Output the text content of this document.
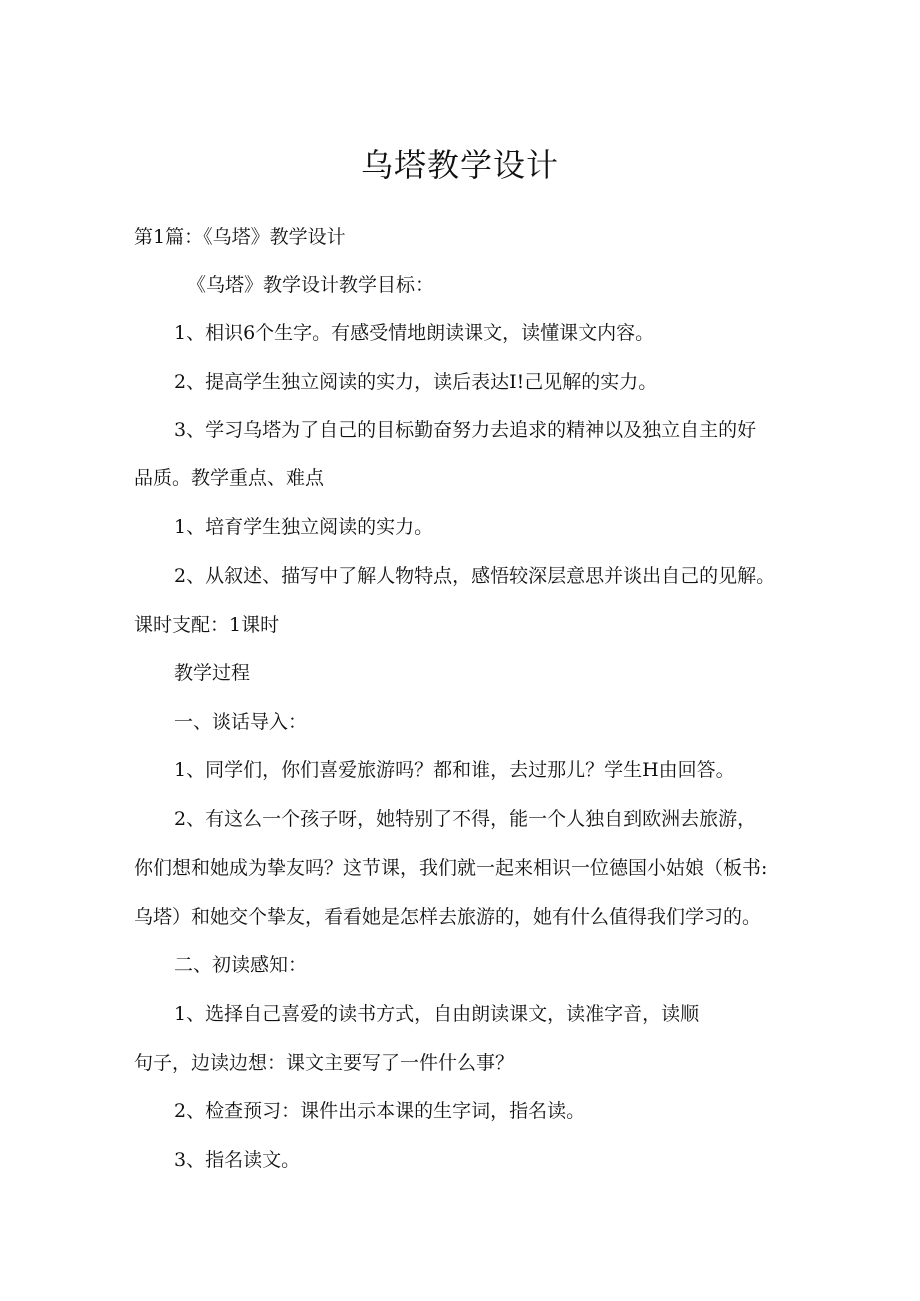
乌塔教学设计
第1篇：《乌塔》教学设计
《乌塔》教学设计教学目标：
1、相识6个生字。有感受情地朗读课文，读懂课文内容。
2、提高学生独立阅读的实力，读后表达I!己见解的实力。
3、学习乌塔为了自己的目标勤奋努力去追求的精神以及独立自主的好
品质。教学重点、难点
1、培育学生独立阅读的实力。
2、从叙述、描写中了解人物特点，感悟较深层意思并谈出自己的见解。
课时支配：1课时
教学过程
一、谈话导入：
1、同学们，你们喜爱旅游吗？都和谁，去过那儿？学生H由回答。
2、有这么一个孩子呀，她特别了不得，能一个人独自到欧洲去旅游，
你们想和她成为挚友吗？这节课，我们就一起来相识一位德国小姑娘（板书:
乌塔）和她交个挚友，看看她是怎样去旅游的，她有什么值得我们学习的。
二、初读感知：
1、选择自己喜爱的读书方式，自由朗读课文，读准字音，读顺
句子，边读边想：课文主要写了一件什么事？
2、检查预习：课件出示本课的生字词，指名读。
3、指名读文。
